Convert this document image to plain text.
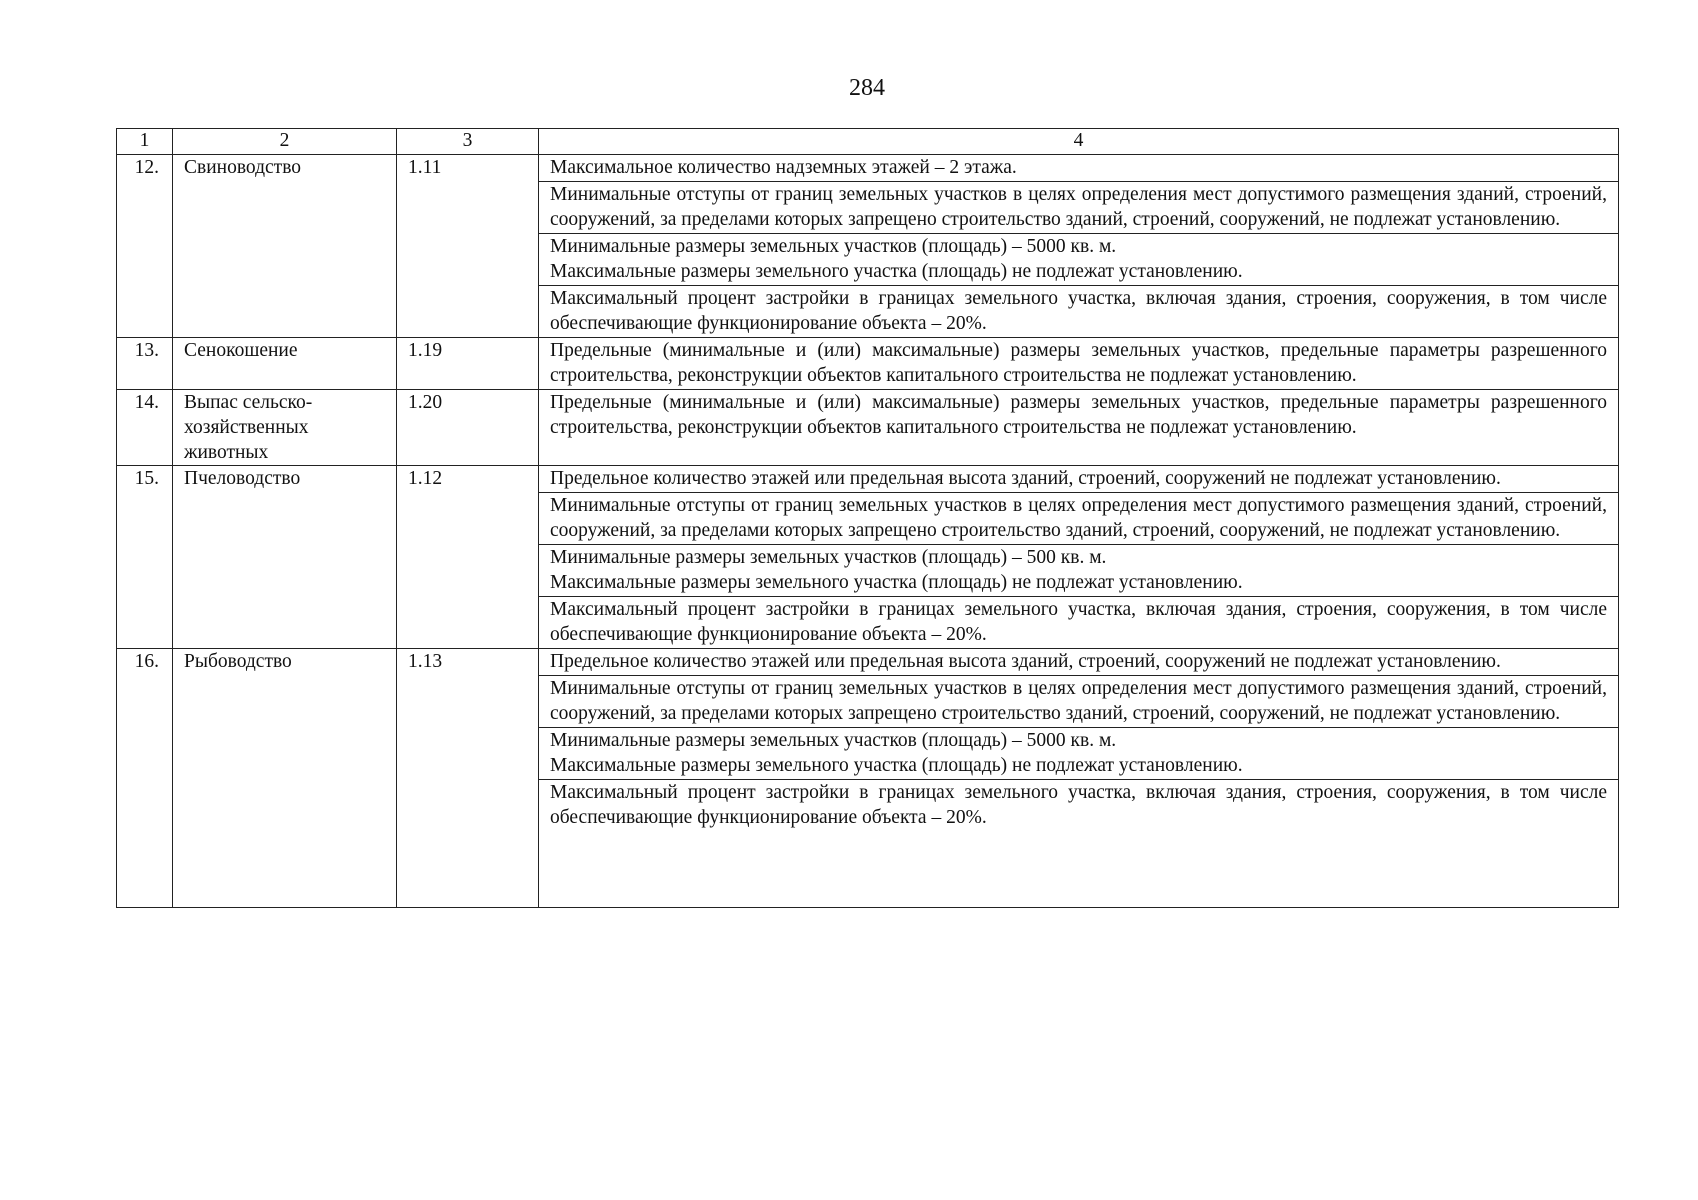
284
1	2	3	4
12.	Свиноводство	1.11	Максимальное количество надземных этажей – 2 этажа.
Минимальные отступы от границ земельных участков в целях определения мест допустимого размещения зданий, строений, сооружений, за пределами которых запрещено строительство зданий, строений, сооружений, не подлежат установлению.
Минимальные размеры земельных участков (площадь) – 5000 кв. м.
Максимальные размеры земельного участка (площадь) не подлежат установлению.
Максимальный процент застройки в границах земельного участка, включая здания, строения, сооружения, в том числе обеспечивающие функционирование объекта – 20%.

13.	Сенокошение	1.19	Предельные (минимальные и (или) максимальные) размеры земельных участков, предельные параметры разрешенного строительства, реконструкции объектов капитального строительства не подлежат установлению.

14.	Выпас сельско-хозяйственных животных	1.20	Предельные (минимальные и (или) максимальные) размеры земельных участков, предельные параметры разрешенного строительства, реконструкции объектов капитального строительства не подлежат установлению.

15.	Пчеловодство	1.12	Предельное количество этажей или предельная высота зданий, строений, сооружений не подлежат установлению.
Минимальные отступы от границ земельных участков в целях определения мест допустимого размещения зданий, строений, сооружений, за пределами которых запрещено строительство зданий, строений, сооружений, не подлежат установлению.
Минимальные размеры земельных участков (площадь) – 500 кв. м.
Максимальные размеры земельного участка (площадь) не подлежат установлению.
Максимальный процент застройки в границах земельного участка, включая здания, строения, сооружения, в том числе обеспечивающие функционирование объекта – 20%.

16.	Рыбоводство	1.13	Предельное количество этажей или предельная высота зданий, строений, сооружений не подлежат установлению.
Минимальные отступы от границ земельных участков в целях определения мест допустимого размещения зданий, строений, сооружений, за пределами которых запрещено строительство зданий, строений, сооружений, не подлежат установлению.
Минимальные размеры земельных участков (площадь) – 5000 кв. м.
Максимальные размеры земельного участка (площадь) не подлежат установлению.
Максимальный процент застройки в границах земельного участка, включая здания, строения, сооружения, в том числе обеспечивающие функционирование объекта – 20%.
